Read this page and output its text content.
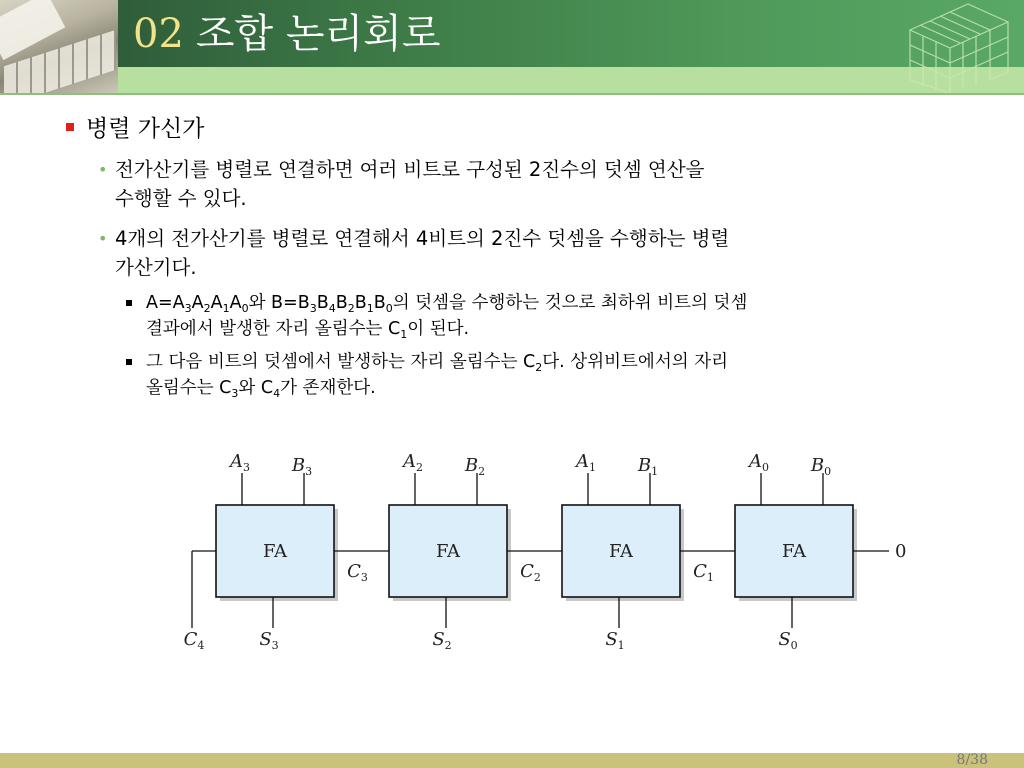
02 조합 논리회로
병렬 가신가
• 전가산기를 병렬로 연결하면 여러 비트로 구성된 2진수의 덧셈 연산을
수행할 수 있다.
• 4개의 전가산기를 병렬로 연결해서 4비트의 2진수 덧셈을 수행하는 병렬
가산기다.
$A=A_3A_2A_1A_0$와 $B=B_3B_4B_2B_1B_0$의 덧셈을 수행하는 것으로 최하위 비트의 덧셈
결과에서 발생한 자리 올림수는 $C_1$이 된다.
그 다음 비트의 덧셈에서 발생하는 자리 올림수는 $C_2$다. 상위비트에서의 자리
올림수는 $C_3$와 $C_4$가 존재한다.
$C_4$
FA
$A_3$ $B_3$
$S_3$
FA
$A_2$ $B_2$
$S_2$
FA
$A_1$ $B_1$
$S_1$
FA
$A_0$ $B_0$
$S_0$
$C_3$	$C_2$	$C_1$
0
8/38
